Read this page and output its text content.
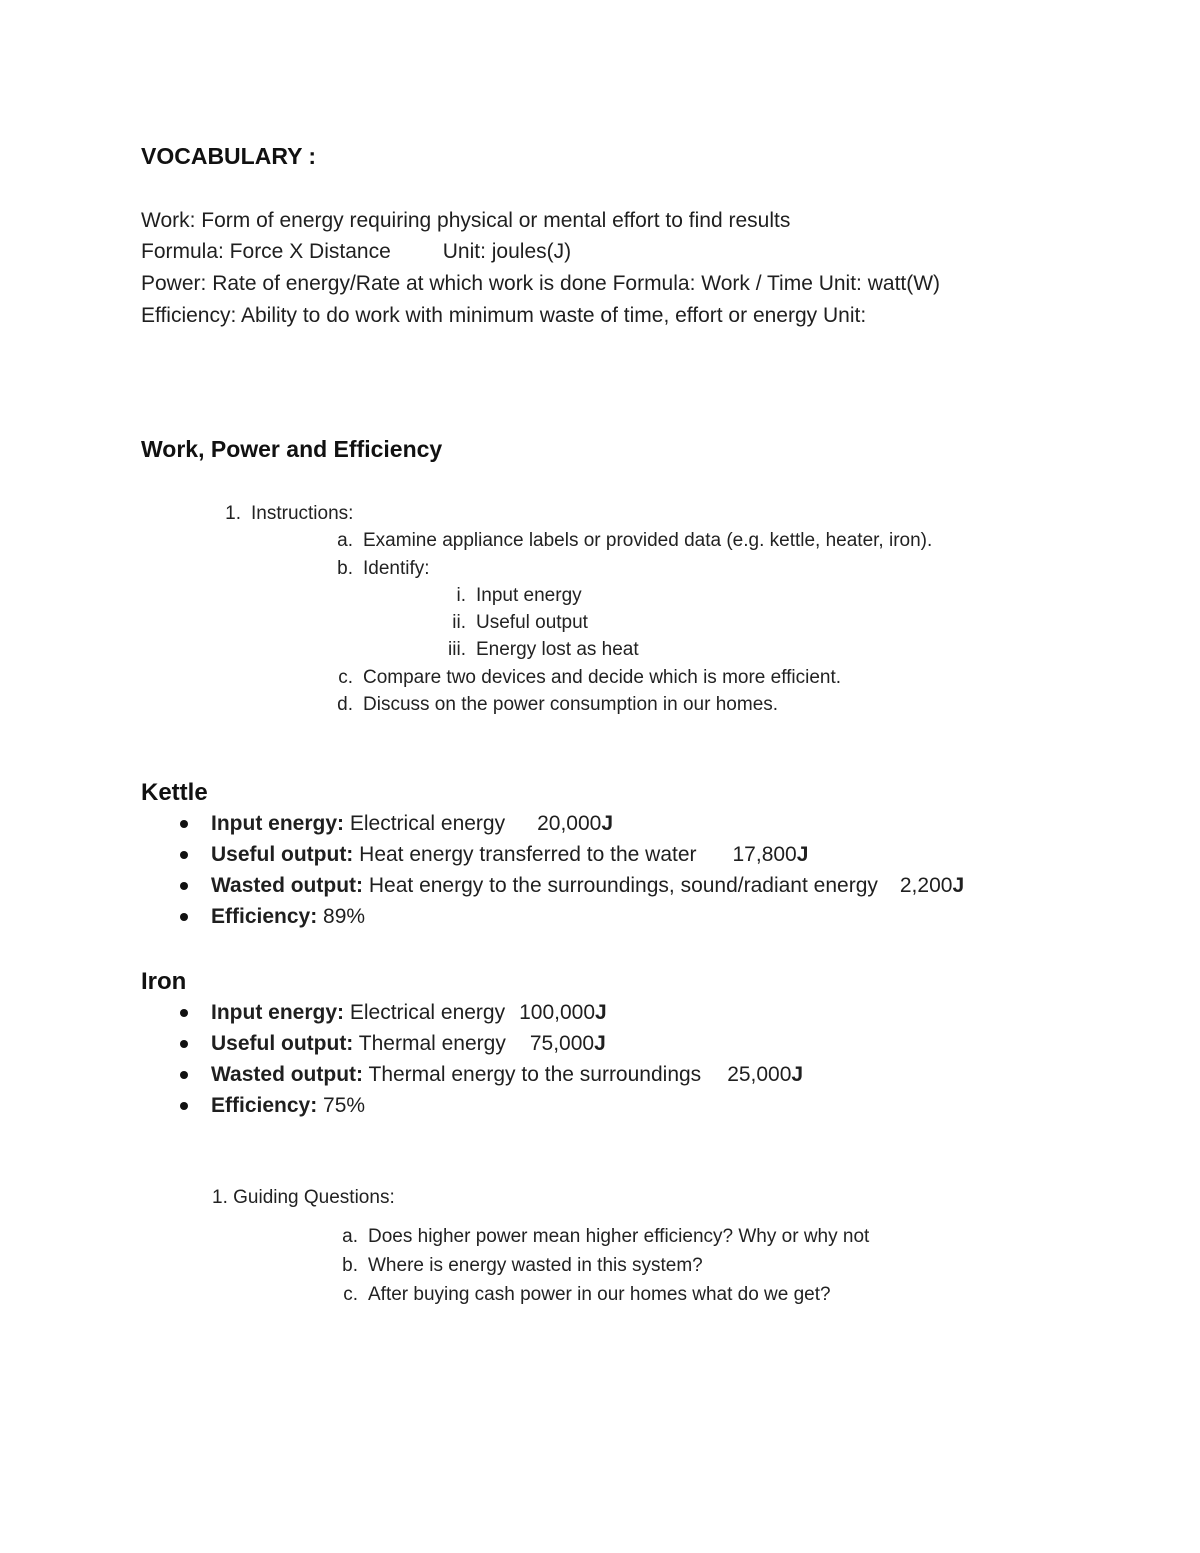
VOCABULARY :

Work: Form of energy requiring physical or mental effort to find results

Formula: Force X Distance Unit: joules(J)

Power: Rate of energy/Rate at which work is done Formula: Work / Time Unit: watt(W)

Efficiency: Ability to do work with minimum waste of time, effort or energy Unit:

Work, Power and Efficiency

1. Instructions:

a. Examine appliance labels or provided data (e.g. kettle, heater, iron).

b. Identify:

i. Input energy

ii. Useful output

iii. Energy lost as heat

c. Compare two devices and decide which is more efficient.

d. Discuss on the power consumption in our homes.

Kettle

Input energy: Electrical energy 20,000J

Useful output: Heat energy transferred to the water 17,800J

Wasted output: Heat energy to the surroundings, sound/radiant energy 2,200J

Efficiency: 89%

Iron

Input energy: Electrical energy 100,000J

Useful output: Thermal energy 75,000J

Wasted output: Thermal energy to the surroundings 25,000J

Efficiency: 75%

1. Guiding Questions:

a. Does higher power mean higher efficiency? Why or why not

b. Where is energy wasted in this system?

c. After buying cash power in our homes what do we get?
